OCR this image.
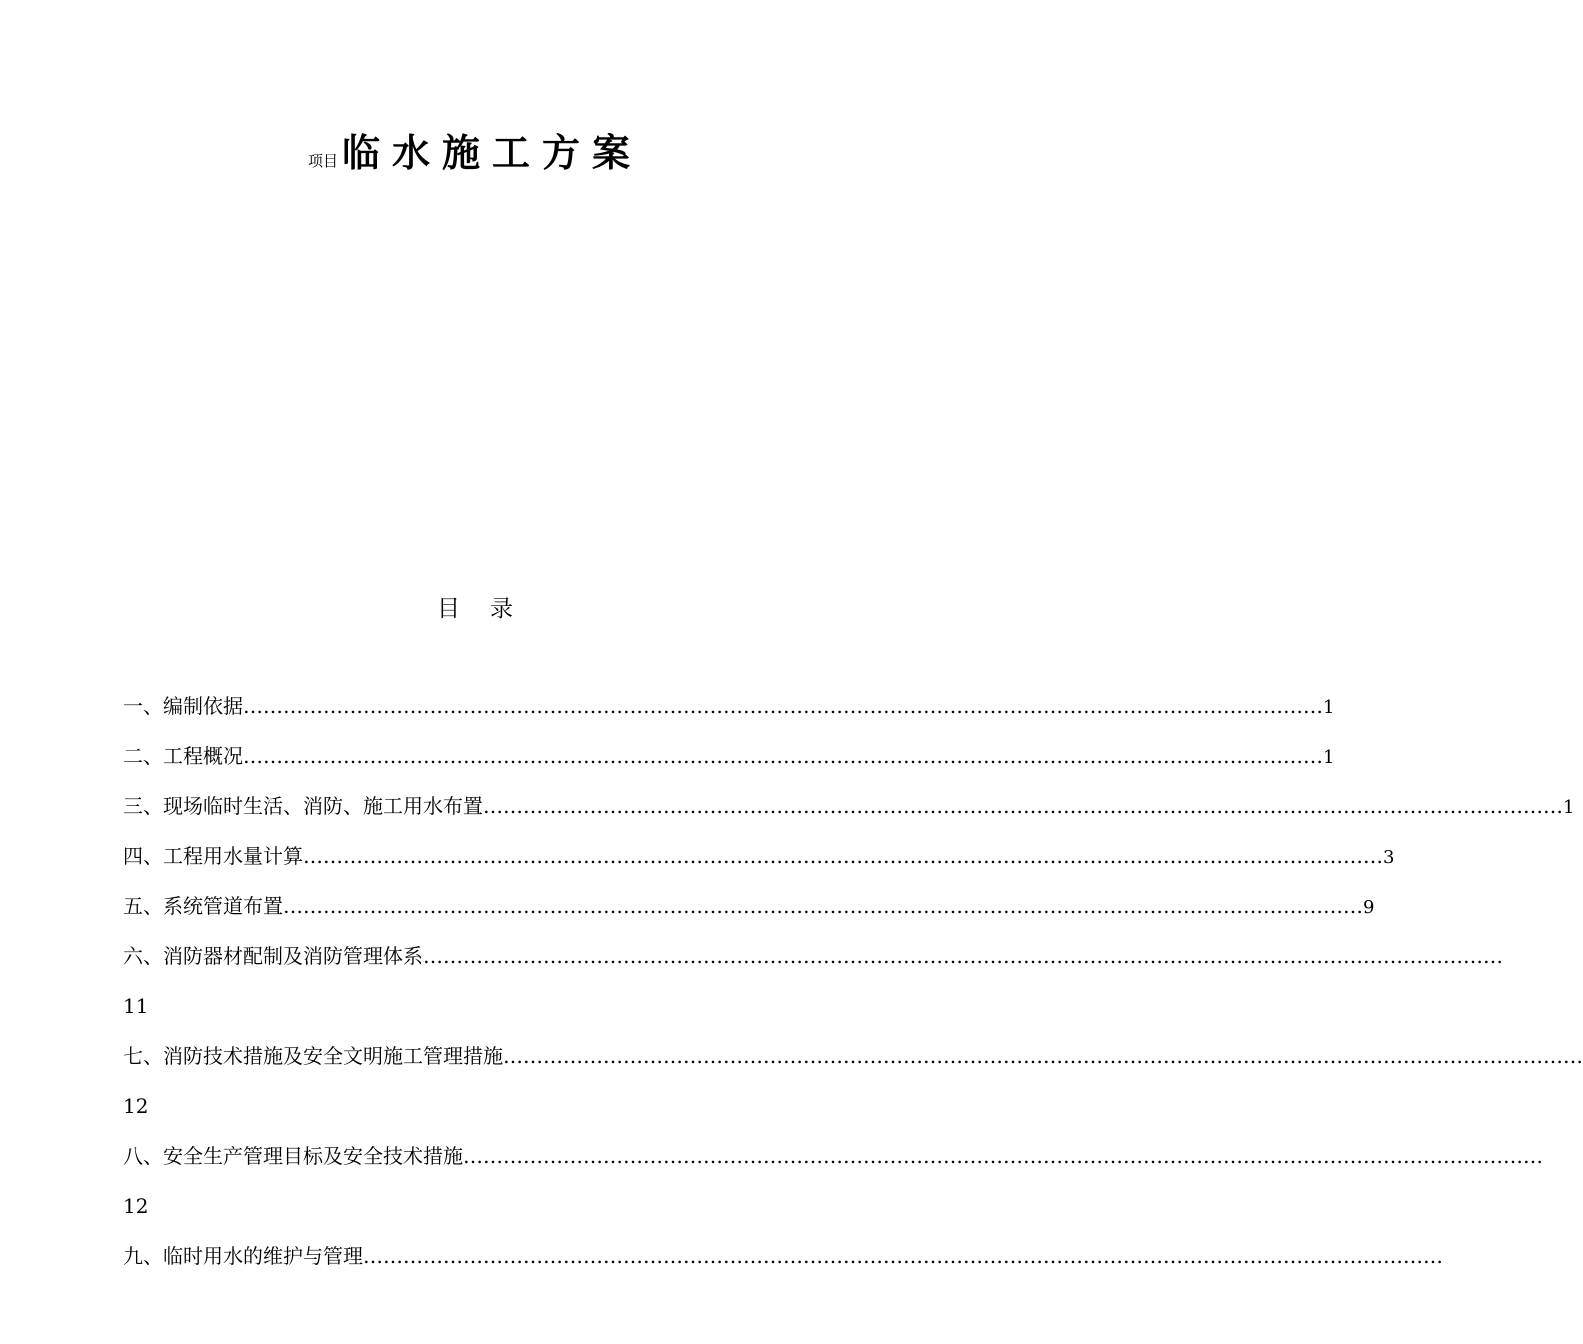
项目 临水施工方案
目录
一、编制依据 ……………………………………………………………………………………………………………………………………………… 1
二、工程概况 ……………………………………………………………………………………………………………………………………………… 1
三、现场临时生活、消防、施工用水布置 ……………………………………………………………………………………………………………………………………………… 1
四、工程用水量计算 ……………………………………………………………………………………………………………………………………………… 3
五、系统管道布置 ……………………………………………………………………………………………………………………………………………… 9
六、消防器材配制及消防管理体系 ………………………………………………………………………………………………………………………………………………
11
七、消防技术措施及安全文明施工管理措施 ………………………………………………………………………………………………………………………………………………
12
八、安全生产管理目标及安全技术措施 ………………………………………………………………………………………………………………………………………………
12
九、临时用水的维护与管理 ………………………………………………………………………………………………………………………………………………
